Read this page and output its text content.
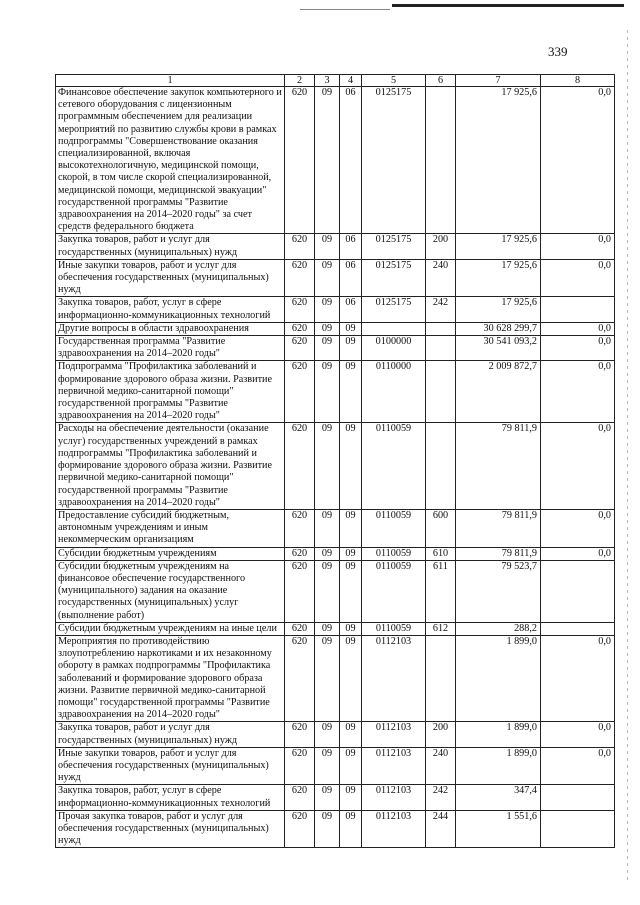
339
1	2	3	4	5	6	7	8
Финансовое обеспечение закупок компьютерного и сетевого оборудования с лицензионным программным обеспечением для реализации мероприятий по развитию службы крови в рамках подпрограммы "Совершенствование оказания специализированной, включая высокотехнологичную, медицинской помощи, скорой, в том числе скорой специализированной, медицинской помощи, медицинской эвакуации" государственной программы "Развитие здравоохранения на 2014–2020 годы" за счет средств федерального бюджета	620	09	06	0125175		17 925,6	0,0
Закупка товаров, работ и услуг для государственных (муниципальных) нужд	620	09	06	0125175	200	17 925,6	0,0
Иные закупки товаров, работ и услуг для обеспечения государственных (муниципальных) нужд	620	09	06	0125175	240	17 925,6	0,0
Закупка товаров, работ, услуг в сфере информационно-коммуникационных технологий	620	09	06	0125175	242	17 925,6	
Другие вопросы в области здравоохранения	620	09	09			30 628 299,7	0,0
Государственная программа "Развитие здравоохранения на 2014–2020 годы"	620	09	09	0100000		30 541 093,2	0,0
Подпрограмма "Профилактика заболеваний и формирование здорового образа жизни. Развитие первичной медико-санитарной помощи" государственной программы "Развитие здравоохранения на 2014–2020 годы"	620	09	09	0110000		2 009 872,7	0,0
Расходы на обеспечение деятельности (оказание услуг) государственных учреждений в рамках подпрограммы "Профилактика заболеваний и формирование здорового образа жизни. Развитие первичной медико-санитарной помощи" государственной программы "Развитие здравоохранения на 2014–2020 годы"	620	09	09	0110059		79 811,9	0,0
Предоставление субсидий бюджетным, автономным учреждениям и иным некоммерческим организациям	620	09	09	0110059	600	79 811,9	0,0
Субсидии бюджетным учреждениям	620	09	09	0110059	610	79 811,9	0,0
Субсидии бюджетным учреждениям на финансовое обеспечение государственного (муниципального) задания на оказание государственных (муниципальных) услуг (выполнение работ)	620	09	09	0110059	611	79 523,7	
Субсидии бюджетным учреждениям на иные цели	620	09	09	0110059	612	288,2	
Мероприятия по противодействию злоупотреблению наркотиками и их незаконному обороту в рамках подпрограммы "Профилактика заболеваний и формирование здорового образа жизни. Развитие первичной медико-санитарной помощи" государственной программы "Развитие здравоохранения на 2014–2020 годы"	620	09	09	0112103		1 899,0	0,0
Закупка товаров, работ и услуг для государственных (муниципальных) нужд	620	09	09	0112103	200	1 899,0	0,0
Иные закупки товаров, работ и услуг для обеспечения государственных (муниципальных) нужд	620	09	09	0112103	240	1 899,0	0,0
Закупка товаров, работ, услуг в сфере информационно-коммуникационных технологий	620	09	09	0112103	242	347,4	
Прочая закупка товаров, работ и услуг для обеспечения государственных (муниципальных) нужд	620	09	09	0112103	244	1 551,6	
